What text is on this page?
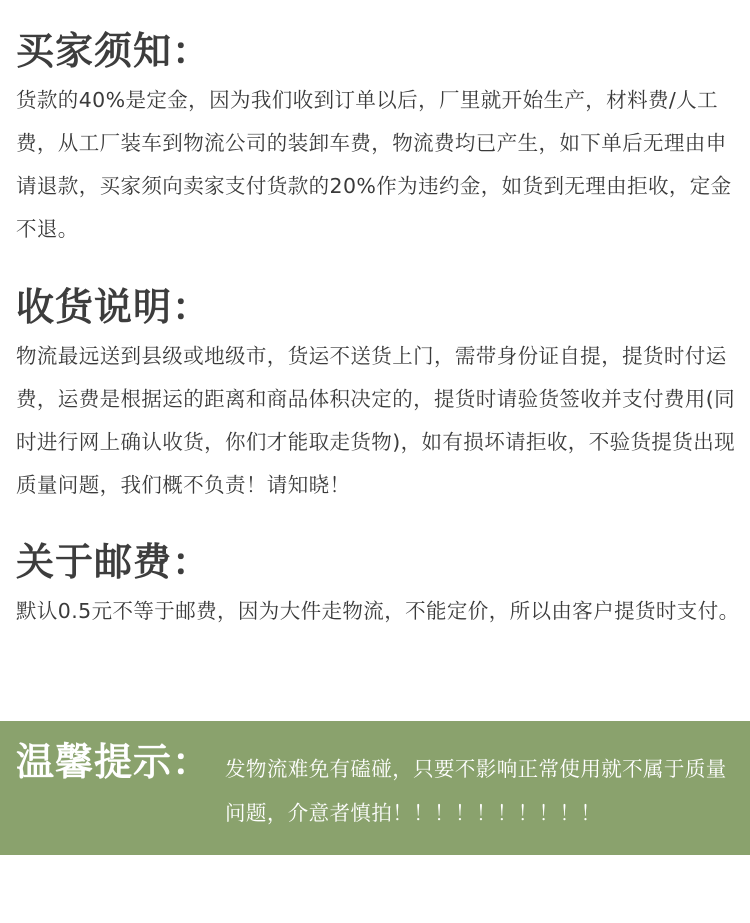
买家须知：

货款的40%是定金，因为我们收到订单以后，厂里就开始生产，材料费/人工费，从工厂装车到物流公司的装卸车费，物流费均已产生，如下单后无理由申请退款，买家须向卖家支付货款的20%作为违约金，如货到无理由拒收，定金不退。

收货说明：

物流最远送到县级或地级市，货运不送货上门，需带身份证自提，提货时付运费，运费是根据运的距离和商品体积决定的，提货时请验货签收并支付费用(同时进行网上确认收货，你们才能取走货物)，如有损坏请拒收，不验货提货出现质量问题，我们概不负责！请知晓！

关于邮费：

默认0.5元不等于邮费，因为大件走物流，不能定价，所以由客户提货时支付。

温馨提示： 发物流难免有磕碰，只要不影响正常使用就不属于质量问题，介意者慎拍！！！！！！！！！！
